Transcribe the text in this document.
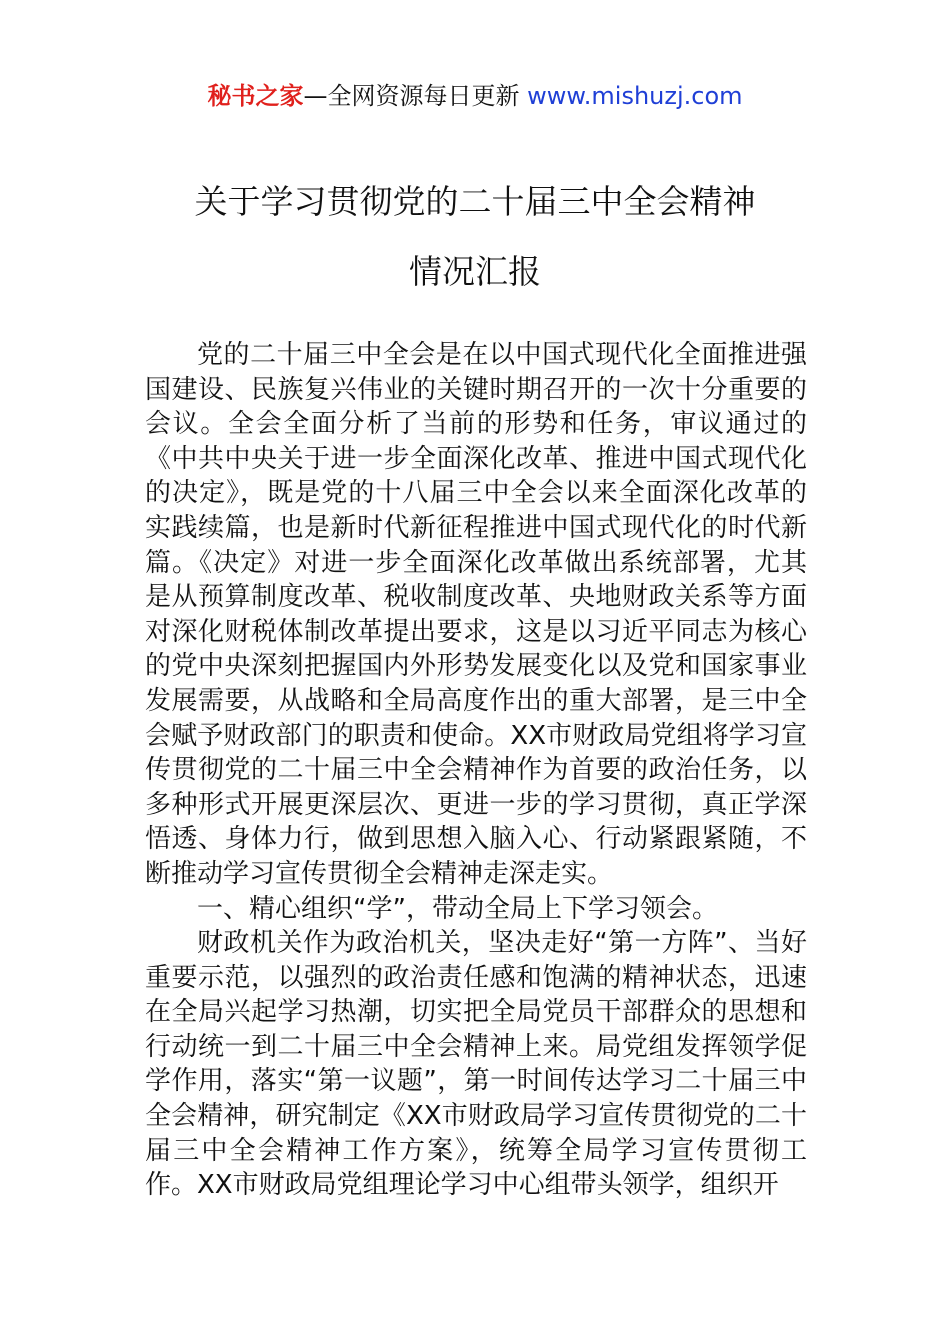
秘书之家—全网资源每日更新 www.mishuzj.com
关于学习贯彻党的二十届三中全会精神
情况汇报

党的二十届三中全会是在以中国式现代化全面推进强国建设、民族复兴伟业的关键时期召开的一次十分重要的会议。全会全面分析了当前的形势和任务，审议通过的《中共中央关于进一步全面深化改革、推进中国式现代化的决定》，既是党的十八届三中全会以来全面深化改革的实践续篇，也是新时代新征程推进中国式现代化的时代新篇。《决定》对进一步全面深化改革做出系统部署，尤其是从预算制度改革、税收制度改革、央地财政关系等方面对深化财税体制改革提出要求，这是以习近平同志为核心的党中央深刻把握国内外形势发展变化以及党和国家事业发展需要，从战略和全局高度作出的重大部署，是三中全会赋予财政部门的职责和使命。XX市财政局党组将学习宣传贯彻党的二十届三中全会精神作为首要的政治任务，以多种形式开展更深层次、更进一步的学习贯彻，真正学深悟透、身体力行，做到思想入脑入心、行动紧跟紧随，不断推动学习宣传贯彻全会精神走深走实。

一、精心组织“学”，带动全局上下学习领会。

财政机关作为政治机关，坚决走好“第一方阵”、当好重要示范，以强烈的政治责任感和饱满的精神状态，迅速在全局兴起学习热潮，切实把全局党员干部群众的思想和行动统一到二十届三中全会精神上来。局党组发挥领学促学作用，落实“第一议题”，第一时间传达学习二十届三中全会精神，研究制定《XX市财政局学习宣传贯彻党的二十届三中全会精神工作方案》，统筹全局学习宣传贯彻工作。XX市财政局党组理论学习中心组带头领学，组织开
